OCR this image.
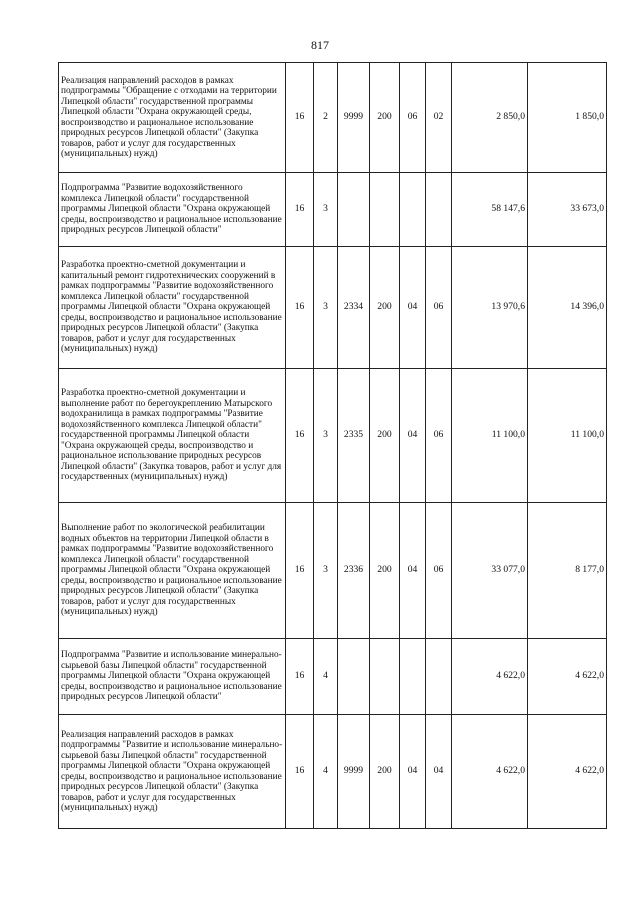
817
Реализация направлений расходов в рамках подпрограммы "Обращение с отходами на территории Липецкой области" государственной программы Липецкой области "Охрана окружающей среды, воспроизводство и рациональное использование природных ресурсов Липецкой области" (Закупка товаров, работ и услуг для государственных (муниципальных) нужд)	16	2	9999	200	06	02	2 850,0	1 850,0
Подпрограмма "Развитие водохозяйственного комплекса Липецкой области" государственной программы Липецкой области "Охрана окружающей среды, воспроизводство и рациональное использование природных ресурсов Липецкой области"	16	3					58 147,6	33 673,0
Разработка проектно-сметной документации и капитальный ремонт гидротехнических сооружений в рамках подпрограммы "Развитие водохозяйственного комплекса Липецкой области" государственной программы Липецкой области "Охрана окружающей среды, воспроизводство и рациональное использование природных ресурсов Липецкой области" (Закупка товаров, работ и услуг для государственных (муниципальных) нужд)	16	3	2334	200	04	06	13 970,6	14 396,0
Разработка проектно-сметной документации и выполнение работ по берегоукреплению Матырского водохранилища в рамках подпрограммы "Развитие водохозяйственного комплекса Липецкой области" государственной программы Липецкой области "Охрана окружающей среды, воспроизводство и рациональное использование природных ресурсов Липецкой области" (Закупка товаров, работ и услуг для государственных (муниципальных) нужд)	16	3	2335	200	04	06	11 100,0	11 100,0
Выполнение работ по экологической реабилитации водных объектов на территории Липецкой области в рамках подпрограммы "Развитие водохозяйственного комплекса Липецкой области" государственной программы Липецкой области "Охрана окружающей среды, воспроизводство и рациональное использование природных ресурсов Липецкой области" (Закупка товаров, работ и услуг для государственных (муниципальных) нужд)	16	3	2336	200	04	06	33 077,0	8 177,0
Подпрограмма "Развитие и использование минерально-сырьевой базы Липецкой области" государственной программы Липецкой области "Охрана окружающей среды, воспроизводство и рациональное использование природных ресурсов Липецкой области"	16	4					4 622,0	4 622,0
Реализация направлений расходов в рамках подпрограммы "Развитие и использование минерально-сырьевой базы Липецкой области" государственной программы Липецкой области "Охрана окружающей среды, воспроизводство и рациональное использование природных ресурсов Липецкой области" (Закупка товаров, работ и услуг для государственных (муниципальных) нужд)	16	4	9999	200	04	04	4 622,0	4 622,0
